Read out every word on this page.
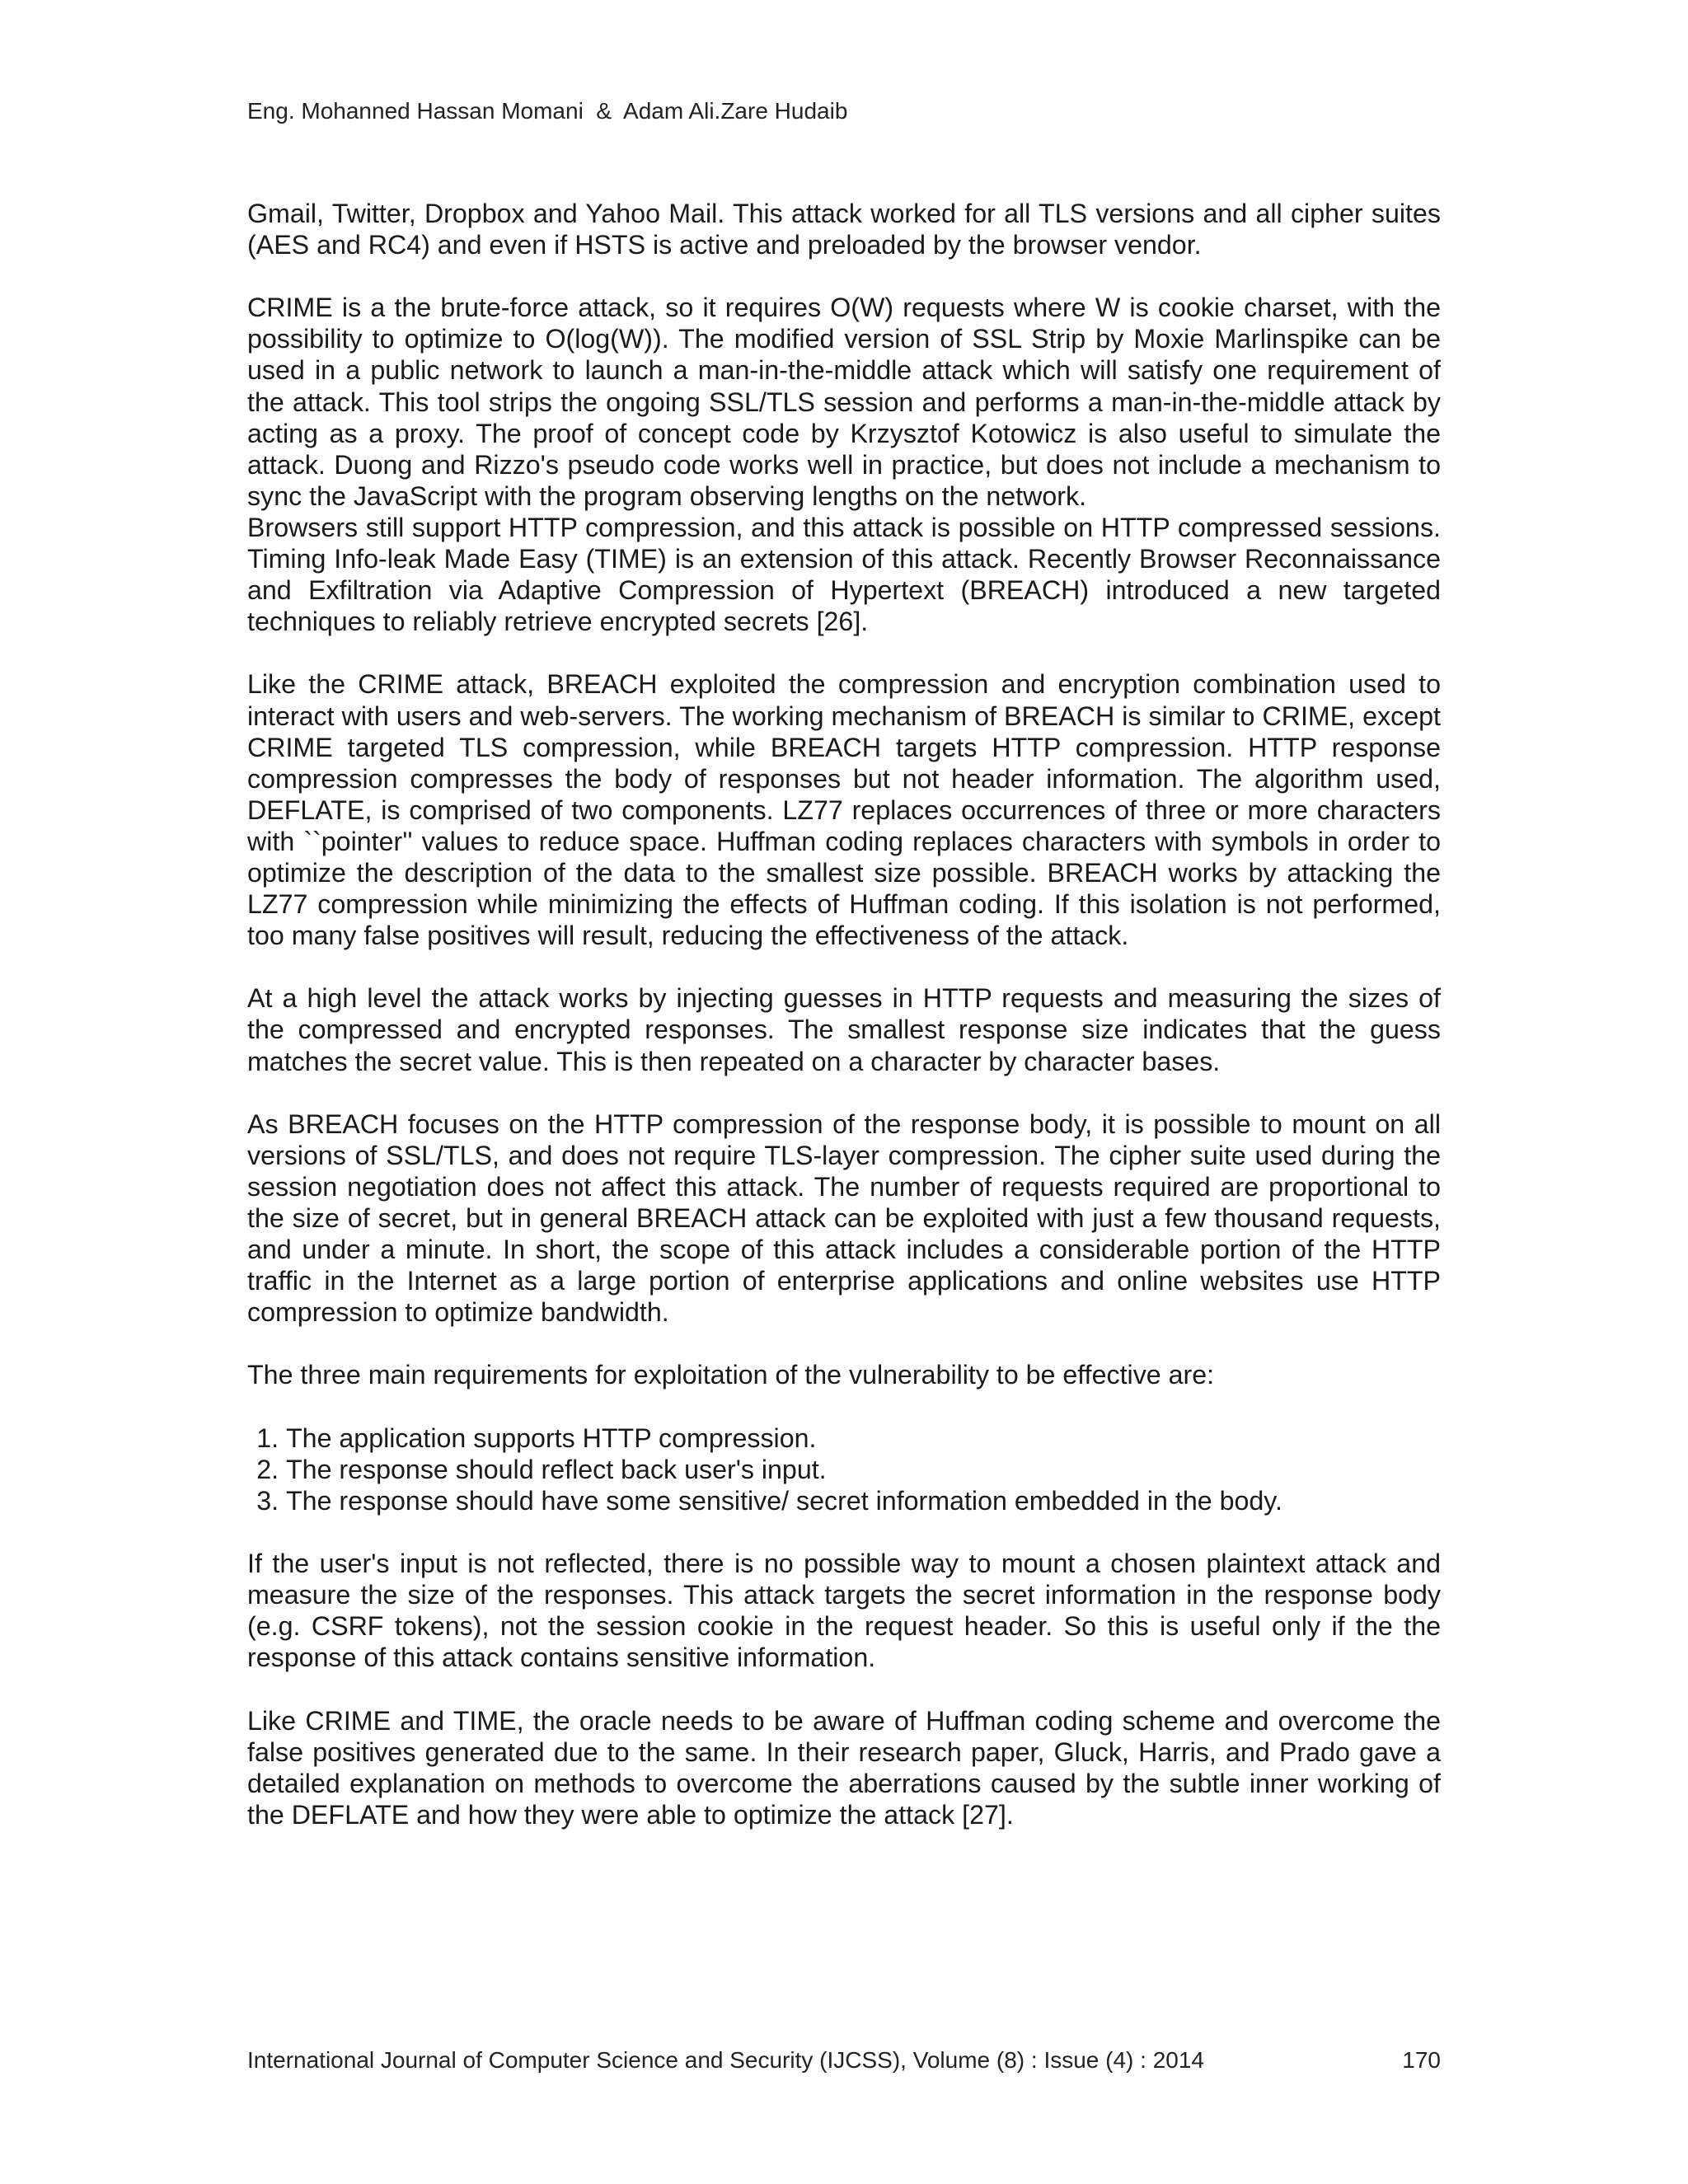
Eng. Mohanned Hassan Momani  &  Adam Ali.Zare Hudaib

Gmail, Twitter, Dropbox and Yahoo Mail. This attack worked for all TLS versions and all cipher suites (AES and RC4) and even if HSTS is active and preloaded by the browser vendor.

CRIME is a the brute-force attack, so it requires O(W) requests where W is cookie charset, with the possibility to optimize to O(log(W)). The modified version of SSL Strip by Moxie Marlinspike can be used in a public network to launch a man-in-the-middle attack which will satisfy one requirement of the attack. This tool strips the ongoing SSL/TLS session and performs a man-in-the-middle attack by acting as a proxy. The proof of concept code by Krzysztof Kotowicz is also useful to simulate the attack. Duong and Rizzo's pseudo code works well in practice, but does not include a mechanism to sync the JavaScript with the program observing lengths on the network.

Browsers still support HTTP compression, and this attack is possible on HTTP compressed sessions. Timing Info-leak Made Easy (TIME) is an extension of this attack. Recently Browser Reconnaissance and Exfiltration via Adaptive Compression of Hypertext (BREACH) introduced a new targeted techniques to reliably retrieve encrypted secrets [26].

Like the CRIME attack, BREACH exploited the compression and encryption combination used to interact with users and web-servers. The working mechanism of BREACH is similar to CRIME, except CRIME targeted TLS compression, while BREACH targets HTTP compression. HTTP response compression compresses the body of responses but not header information. The algorithm used, DEFLATE, is comprised of two components. LZ77 replaces occurrences of three or more characters with ``pointer'' values to reduce space. Huffman coding replaces characters with symbols in order to optimize the description of the data to the smallest size possible. BREACH works by attacking the LZ77 compression while minimizing the effects of Huffman coding. If this isolation is not performed, too many false positives will result, reducing the effectiveness of the attack.

At a high level the attack works by injecting guesses in HTTP requests and measuring the sizes of the compressed and encrypted responses. The smallest response size indicates that the guess matches the secret value. This is then repeated on a character by character bases.

As BREACH focuses on the HTTP compression of the response body, it is possible to mount on all versions of SSL/TLS, and does not require TLS-layer compression. The cipher suite used during the session negotiation does not affect this attack. The number of requests required are proportional to the size of secret, but in general BREACH attack can be exploited with just a few thousand requests, and under a minute. In short, the scope of this attack includes a considerable portion of the HTTP traffic in the Internet as a large portion of enterprise applications and online websites use HTTP compression to optimize bandwidth.

The three main requirements for exploitation of the vulnerability to be effective are:

1. The application supports HTTP compression.
2. The response should reflect back user's input.
3. The response should have some sensitive/ secret information embedded in the body.

If the user's input is not reflected, there is no possible way to mount a chosen plaintext attack and measure the size of the responses. This attack targets the secret information in the response body (e.g. CSRF tokens), not the session cookie in the request header. So this is useful only if the the response of this attack contains sensitive information.

Like CRIME and TIME, the oracle needs to be aware of Huffman coding scheme and overcome the false positives generated due to the same. In their research paper, Gluck, Harris, and Prado gave a detailed explanation on methods to overcome the aberrations caused by the subtle inner working of the DEFLATE and how they were able to optimize the attack [27].

International Journal of Computer Science and Security (IJCSS), Volume (8) : Issue (4) : 2014	170
